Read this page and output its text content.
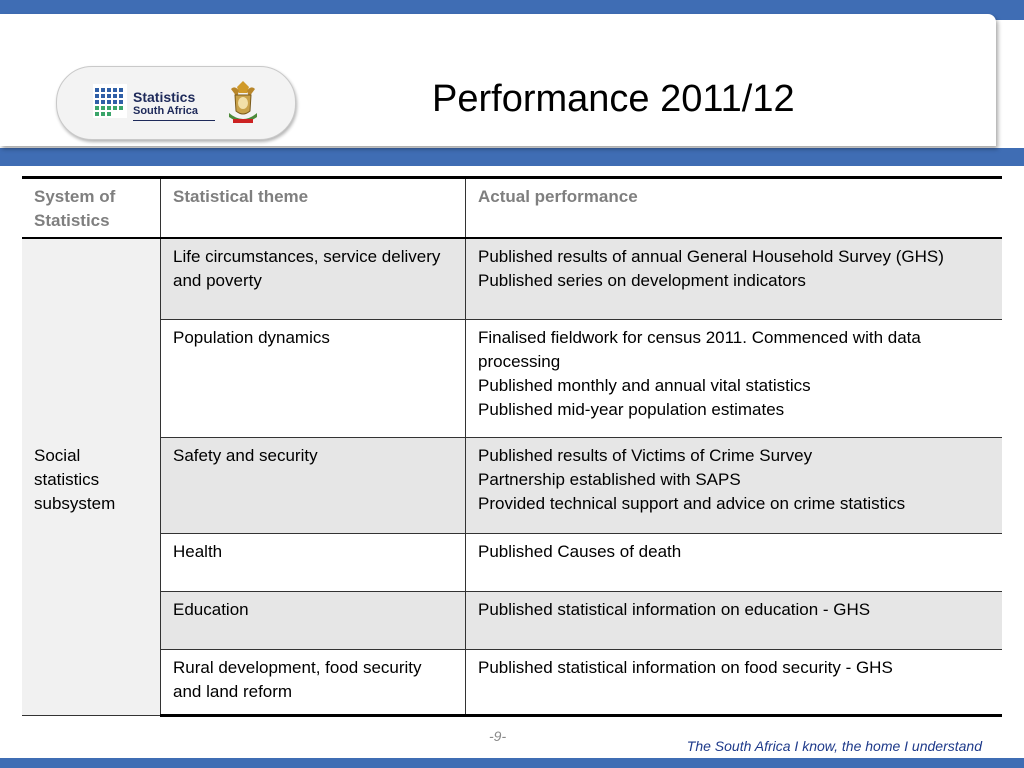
Statistics
South Africa	Performance 2011/12
System of Statistics	Statistical theme	Actual performance
Social statistics subsystem	Life circumstances, service delivery and poverty	Published results of annual General Household Survey (GHS)
Published series on development indicators

	Population dynamics	Finalised fieldwork for census 2011. Commenced with data processing
Published monthly and annual vital statistics
Published mid-year population estimates

	Safety and security	Published results of Victims of Crime Survey
Partnership established with SAPS
Provided technical support and advice on crime statistics

	Health	Published Causes of death

	Education	Published statistical information on education - GHS

	Rural development, food security and land reform	Published statistical information on food security - GHS
-9-
The South Africa I know, the home I understand
